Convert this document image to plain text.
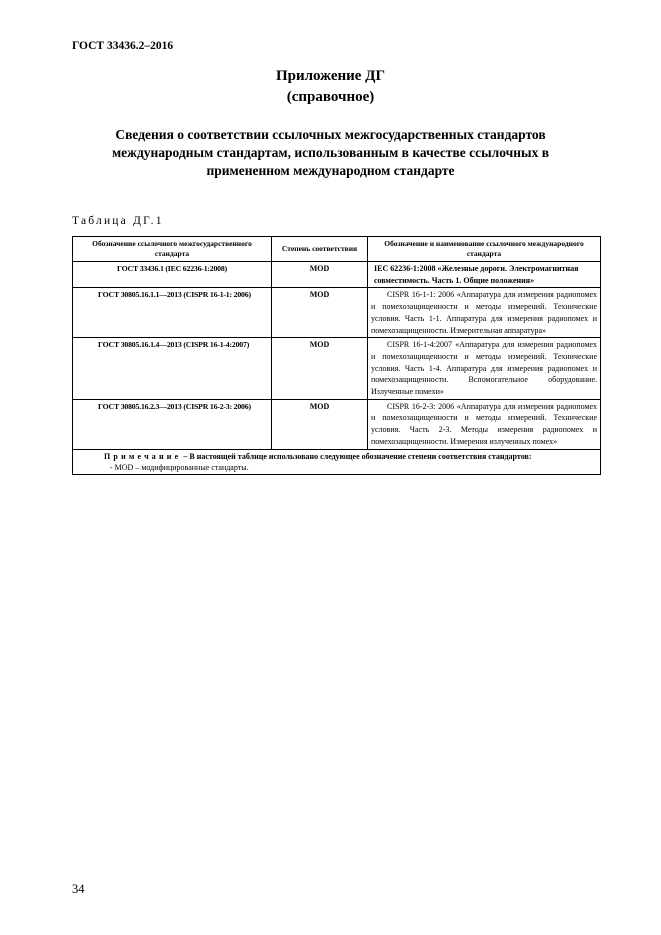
ГОСТ 33436.2–2016
Приложение ДГ
(справочное)
Сведения о соответствии ссылочных межгосударственных стандартов
международным стандартам, использованным в качестве ссылочных в
примененном международном стандарте
Таблица ДГ.1
Обозначение ссылочного межгосударственного стандарта	Степень соответствия	Обозначение и наименование ссылочного международного стандарта
ГОСТ 33436.1 (IEC 62236-1:2008)	MOD	IEC 62236-1:2008 «Железные дороги. Электромагнитная совместимость. Часть 1. Общие положения»
ГОСТ 30805.16.1.1—2013 (CISPR 16-1-1: 2006)	MOD	CISPR 16-1-1: 2006 «Аппаратура для измерения радиопомех и помехозащищенности и методы измерений. Технические условия. Часть 1-1. Аппаратура для измерения радиопомех и помехозащищенности. Измерительная аппаратура»
ГОСТ 30805.16.1.4—2013 (CISPR 16-1-4:2007)	MOD	CISPR 16-1-4:2007 «Аппаратура для измерения радиопомех и помехозащищенности и методы измерений. Технические условия. Часть 1-4. Аппаратура для измерения радиопомех и помехозащищенности. Вспомогательное оборудование. Излученные помехи»
ГОСТ 30805.16.2.3—2013 (CISPR 16-2-3: 2006)	MOD	CISPR 16-2-3: 2006 «Аппаратура для измерения радиопомех и помехозащищенности и методы измерений. Технические условия. Часть 2-3. Методы измерения радиопомех и помехозащищенности. Измерения излученных помех»
Примечание – В настоящей таблице использовано следующее обозначение степени соответствия стандартов:
- MOD – модифицированные стандарты.		
34
